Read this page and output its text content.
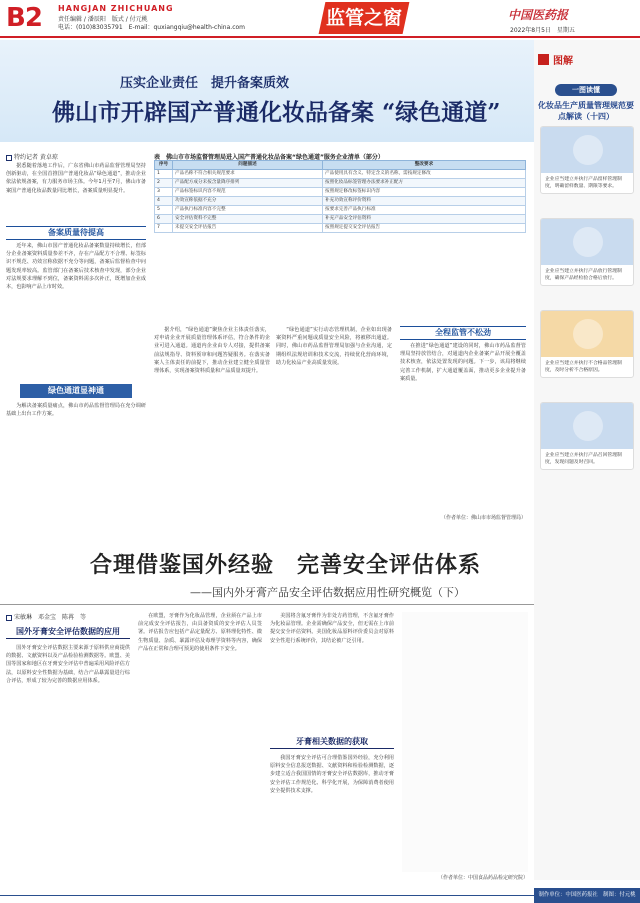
B2 HANGJAN ZHICHUANG
责任编辑 / 潘辰阳　版式 / 付元桃
电话：(010)83035791　E-mail：quxiangqiu@health-china.com	监管之窗	中国医药报
2022年8月5日　星期五
压实企业责任　提升备案质效
佛山市开辟国产普通化妆品备案 “绿色通道”
特约记者 黄卓琼

据悉随着落地工作后，广东省佛山市药品监督管理局坚持创新驱动，在全国首推国产普通化妆品“绿色通道”，推动企业依法依规备案，有力服务市场主体。今年1月至7月，佛山市备案国产普通化妆品数量同比增长，备案质量明显提升。

备案质量待提高

近年来，佛山市国产普通化妆品备案数量持续增长，但部分企业备案资料质量参差不齐，存在产品配方不合理、标签标识不规范、功效宣称依据不充分等问题，备案后监督检查中问题发现率较高。监管部门在备案后技术核查中发现，部分企业对法规要求理解不到位，备案资料需多次补正，既增加企业成本，也影响产品上市时效。

绿色通道显神通

为解决备案质量痛点，佛山市药品监督管理局在充分调研基础上出台工作方案。

表　佛山市市场监督管理局进入国产普通化妆品备案“绿色通道”服务企业清单（部分）
序号	问题描述	整改要求
1	产品名称不符合相关规范要求	产品使用具有含义、特定含义的名称，需按规定修改
2	产品配方成分未按含量降序排列	按照化妆品标签管理办法要求补正配方
3	产品标签标识内容不规范	按照规定修改标签标识内容
4	功效宣称依据不充分	补充功效宣称评价资料
5	产品执行标准内容不完整	按要求完善产品执行标准
6	安全评估资料不完整	补充产品安全评估资料
7	未提交安全评估报告	按照规定提交安全评估报告

据介绍，“绿色通道”聚焦企业主体责任落实，对申请企业开展质量管理体系评估，符合条件的企业可进入通道。通道内企业由专人对接，提供备案前法规指导、资料预审和问题答疑服务。在落实备案人主体责任的前提下，推动企业建立健全质量管理体系，实现备案资料质量和产品质量双提升。

“绿色通道”实行动态管理机制，企业如出现备案资料严重问题或质量安全风险，将被移出通道。同时，佛山市药品监督管理局加强与企业沟通，定期组织法规培训和技术交流，持续优化营商环境，助力化妆品产业高质量发展。

全程监管不松劲

在推进“绿色通道”建设的同时，佛山市药品监督管理局坚持放管结合，对通道内企业备案产品开展全覆盖技术核查，依法处置发现的问题。下一步，该局将继续完善工作机制，扩大通道覆盖面，推动更多企业提升备案质量。

（作者单位：佛山市市场监督管理局）
合理借鉴国外经验　完善安全评估体系
——国内外牙膏产品安全评估数据应用性研究概览（下）
宋敏琳　邓金宝　陈苒　等
国外牙膏安全评估数据的应用

国外牙膏安全评估数据主要来源于原料供应商提供的数据、文献资料以及产品检验检测数据等。欧盟、美国等国家和地区在牙膏安全评估中普遍采用风险评估方法，以原料安全性数据为基础，结合产品暴露量进行综合评估，形成了较为完善的数据应用体系。

在欧盟，牙膏作为化妆品管理，企业须在产品上市前完成安全评估报告，由具备资质的安全评估人员签署。评估报告应包括产品定量配方、原料理化特性、微生物质量、杂质、暴露评估及毒理学资料等内容，确保产品在正常和合理可预见的使用条件下安全。

美国将含氟牙膏作为非处方药管理，不含氟牙膏作为化妆品管理。企业需确保产品安全，但无需在上市前提交安全评估资料。美国化妆品原料评价委员会对原料安全性进行系统评价，其结论被广泛引用。

牙膏相关数据的获取

我国牙膏安全评估可合理借鉴国外经验，充分利用原料安全信息报送数据、文献资料和检验检测数据，逐步建立适合我国国情的牙膏安全评估数据库，推动牙膏安全评估工作规范化、科学化开展，为保障消费者使用安全提供技术支撑。

（作者单位：中国食品药品检定研究院）
图解
一图读懂
化妆品生产质量管理规范要点解读（十四）
企业应当建立并执行产品留样管理制度，明确留样数量、期限等要求。
企业应当建立并执行产品放行管理制度，确保产品经检验合格后放行。
企业应当建立并执行不合格品管理制度，及时分析不合格原因。
企业应当建立并执行产品召回管理制度，发现问题及时召回。
制作单位：中国医药报社　制图：付元桃
